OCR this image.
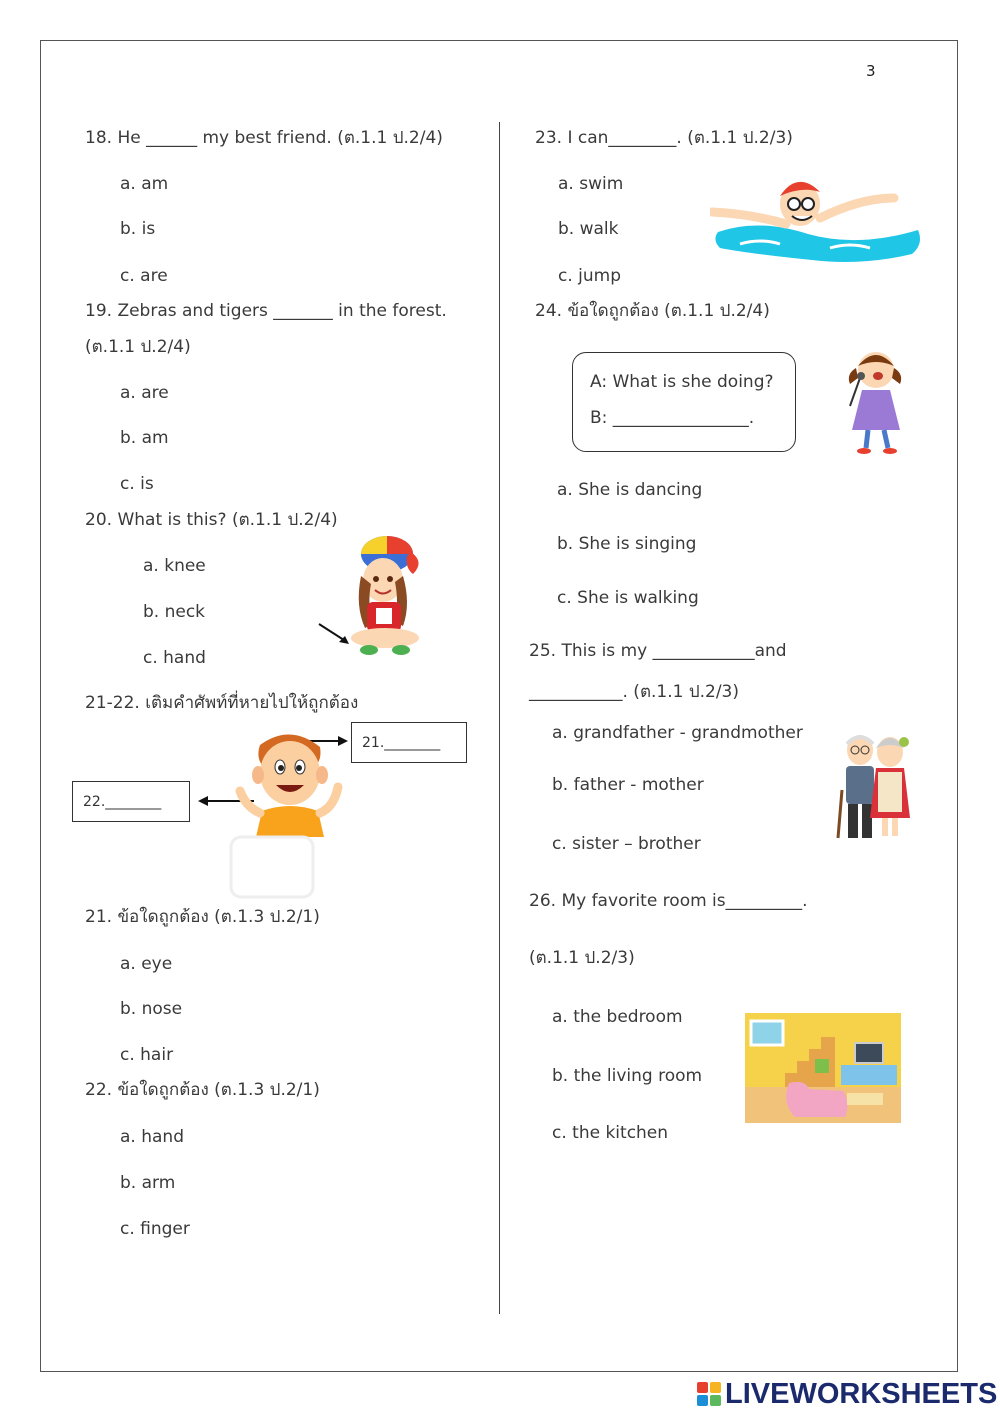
3
18. He ______ my best friend. (ต.1.1 ป.2/4)
a. am
b. is
c. are
19. Zebras and tigers _______ in the forest.
(ต.1.1 ป.2/4)
a. are
b. am
c. is
20. What is this? (ต.1.1 ป.2/4)
a. knee
b. neck
c. hand
21-22. เติมคำศัพท์ที่หายไปให้ถูกต้อง
21.________
22.________
21. ข้อใดถูกต้อง (ต.1.3 ป.2/1)
a. eye
b. nose
c. hair
22. ข้อใดถูกต้อง (ต.1.3 ป.2/1)
a. hand
b. arm
c. finger
23. I can________. (ต.1.1 ป.2/3)
a. swim
b. walk
c. jump
24. ข้อใดถูกต้อง (ต.1.1 ป.2/4)
A: What is she doing?
B: ________________.
a. She is dancing
b. She is singing
c. She is walking
25. This is my ____________and
___________. (ต.1.1 ป.2/3)
a. grandfather - grandmother
b. father - mother
c. sister – brother
26. My favorite room is_________.
(ต.1.1 ป.2/3)
a. the bedroom
b. the living room
c. the kitchen
LIVEWORKSHEETS
